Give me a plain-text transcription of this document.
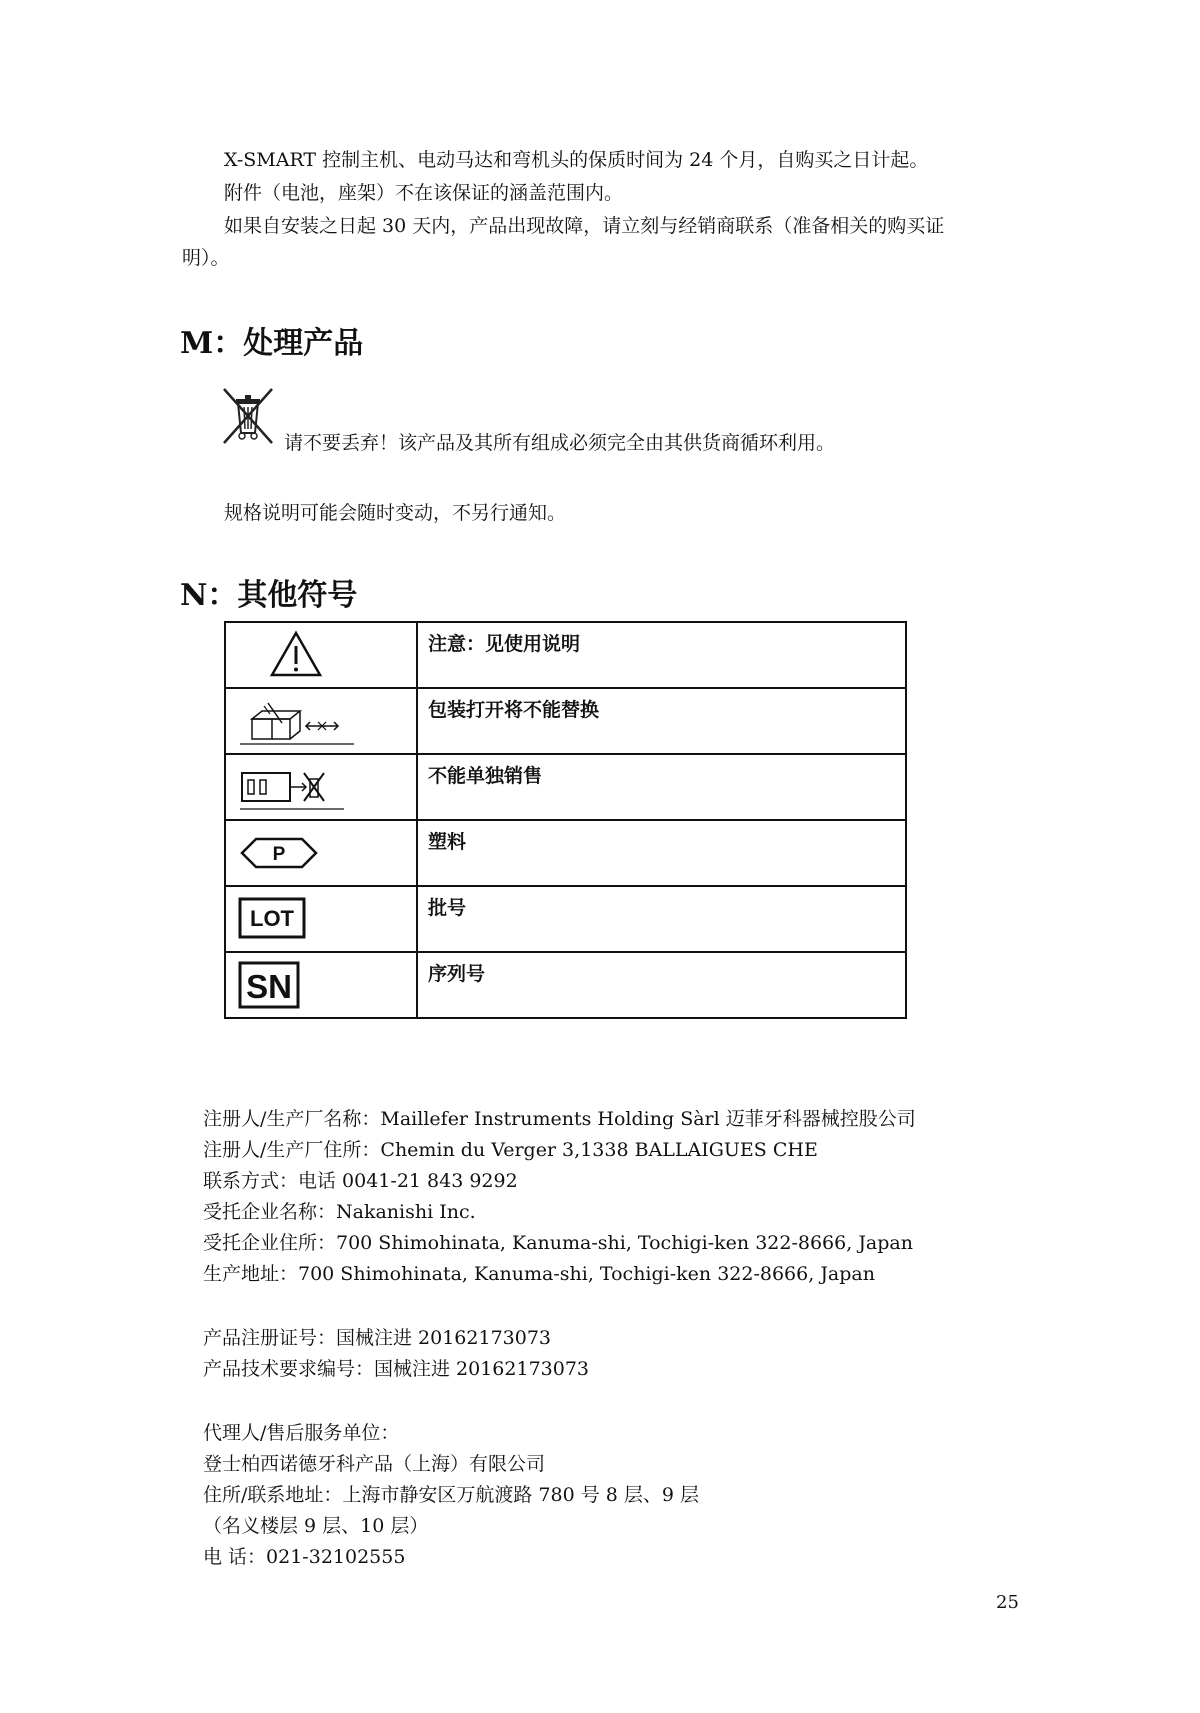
X-SMART 控制主机、电动马达和弯机头的保质时间为 24 个月，自购买之日计起。
附件（电池，座架）不在该保证的涵盖范围内。
如果自安装之日起 30 天内，产品出现故障，请立刻与经销商联系（准备相关的购买证
明）。
M：处理产品
请不要丢弃！该产品及其所有组成必须完全由其供货商循环利用。
规格说明可能会随时变动，不另行通知。
N：其他符号
	注意：见使用说明
	包装打开将不能替换
	不能单独销售

P	塑料

LOT	批号

SN	序列号
注册人/生产厂名称：Maillefer Instruments Holding Sàrl 迈菲牙科器械控股公司
注册人/生产厂住所：Chemin du Verger 3,1338 BALLAIGUES CHE
联系方式：电话 0041-21 843 9292
受托企业名称：Nakanishi Inc.
受托企业住所：700 Shimohinata, Kanuma-shi, Tochigi-ken 322-8666, Japan
生产地址：700 Shimohinata, Kanuma-shi, Tochigi-ken 322-8666, Japan
产品注册证号：国械注进 20162173073
产品技术要求编号：国械注进 20162173073
代理人/售后服务单位：
登士柏西诺德牙科产品（上海）有限公司
住所/联系地址：上海市静安区万航渡路 780 号 8 层、9 层
（名义楼层 9 层、10 层）
电 话：021-32102555
25
